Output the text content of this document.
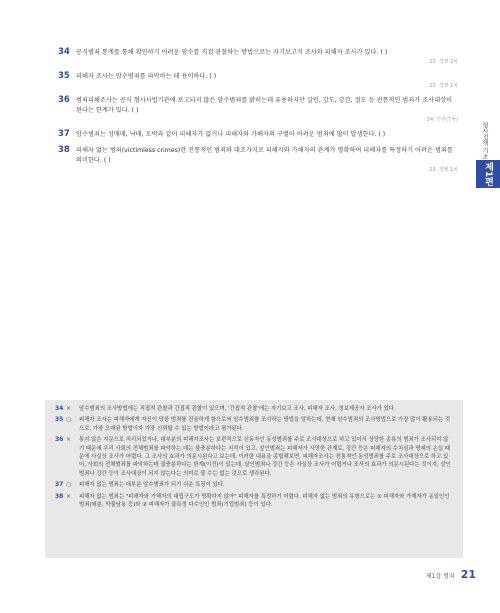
34 공식범죄 통계를 통해 확인하기 어려운 암수를 직접 관찰하는 방법으로는 자기보고식 조사와 피해자 조사가 있다. ( )
23. 경행 2차
35 피해자 조사는 암수범죄를 파악하는 데 용이하다. ( )
23. 경행 1차
36 범죄피해조사는 공식 형사사법기관에 보고되지 않은 암수범죄를 밝히는데 유용하지만 살인, 강도, 강간, 절도 등 전통적인 범죄가 조사대상이 된다는 한계가 있다. ( )
24. 간부(7차)
37 암수범죄는 성매매, 낙태, 도박과 같이 피해자가 없거나 피해자와 가해자의 구별이 어려운 범죄에 많이 발생한다. ( )
38 피해자 없는 범죄(victimless crimes)란 전통적인 범죄와 대조가지로 피해자와 가해자의 관계가 명확하여 피해자를 특정하기 어려운 범죄를 의미한다. ( )
23. 경행 1차
형사정책 기초
제1편
34 × 암수범죄의 조사방법에는 직접적 관찰과 간접적 관찰이 있으며, '간접적 관찰'에는 자기보고 조사, 피해자 조사, 정보제공자 조사가 있다.
35 ○ 피해자 조사는 피해자에게 자신이 당한 범죄를 진술하게 함으로써 암수범죄를 조사하는 방법을 말하는데, 현재 암수범죄의 조사방법으로 가장 많이 활용되는 것으로, 가장 오래된 방법이자 가장 신뢰할 수 있는 방법이라고 평가된다.
36 × 통지 않은 지문으로 처리되었거나, 대부분의 피해자조사는 보편적으로 신동자인 동성범죄를 주로 조사대상으로 하고 있어서 상당한 종류의 범죄가 조사되지 않기 때문에 우리 사회의 전체범죄를 파악하는 데는 불충분하다는 지적이 있고, 살인범죄는 피해자가 사망한 관계로, 강간 등은 피해자의 수치심과 명예의 손실 때문에 사실상 조사가 어렵다. 그 조사의 효과가 의문시된다고 보는데, 이러한 내용을 종합해보면, 피해자조사는 전통적인 동성범죄를 주로 조사대상으로 하고 있어, 사회의 전체범죄를 파악하는데 불충분하다는 한계(이견)이 있는데, 살인범죄나 강간 등은 사실상 조사가 어렵거나 조사의 효과가 의문시된다는 것이지, 살인범죄나 강간 등이 조사대상이 되지 않는다는 의미로 볼 수는 없는 것으로 생각된다.
37 ○ 피해자 없는 범죄는 대부분 암수범죄가 되기 쉬운 특징이 있다.
38 × 피해자 없는 범죄는 "피해자와 가해자의 대립구도가 명확하지 않아" 피해자를 특정하기 어렵다. 피해자 없는 범죄의 유형으로는 ① 피해자와 가해자가 동일인인 범죄(매춘, 약물남용 등)와 ② 피해자가 불특정 다수인인 범죄(기업범죄) 등이 있다.
제1장 범죄 21
